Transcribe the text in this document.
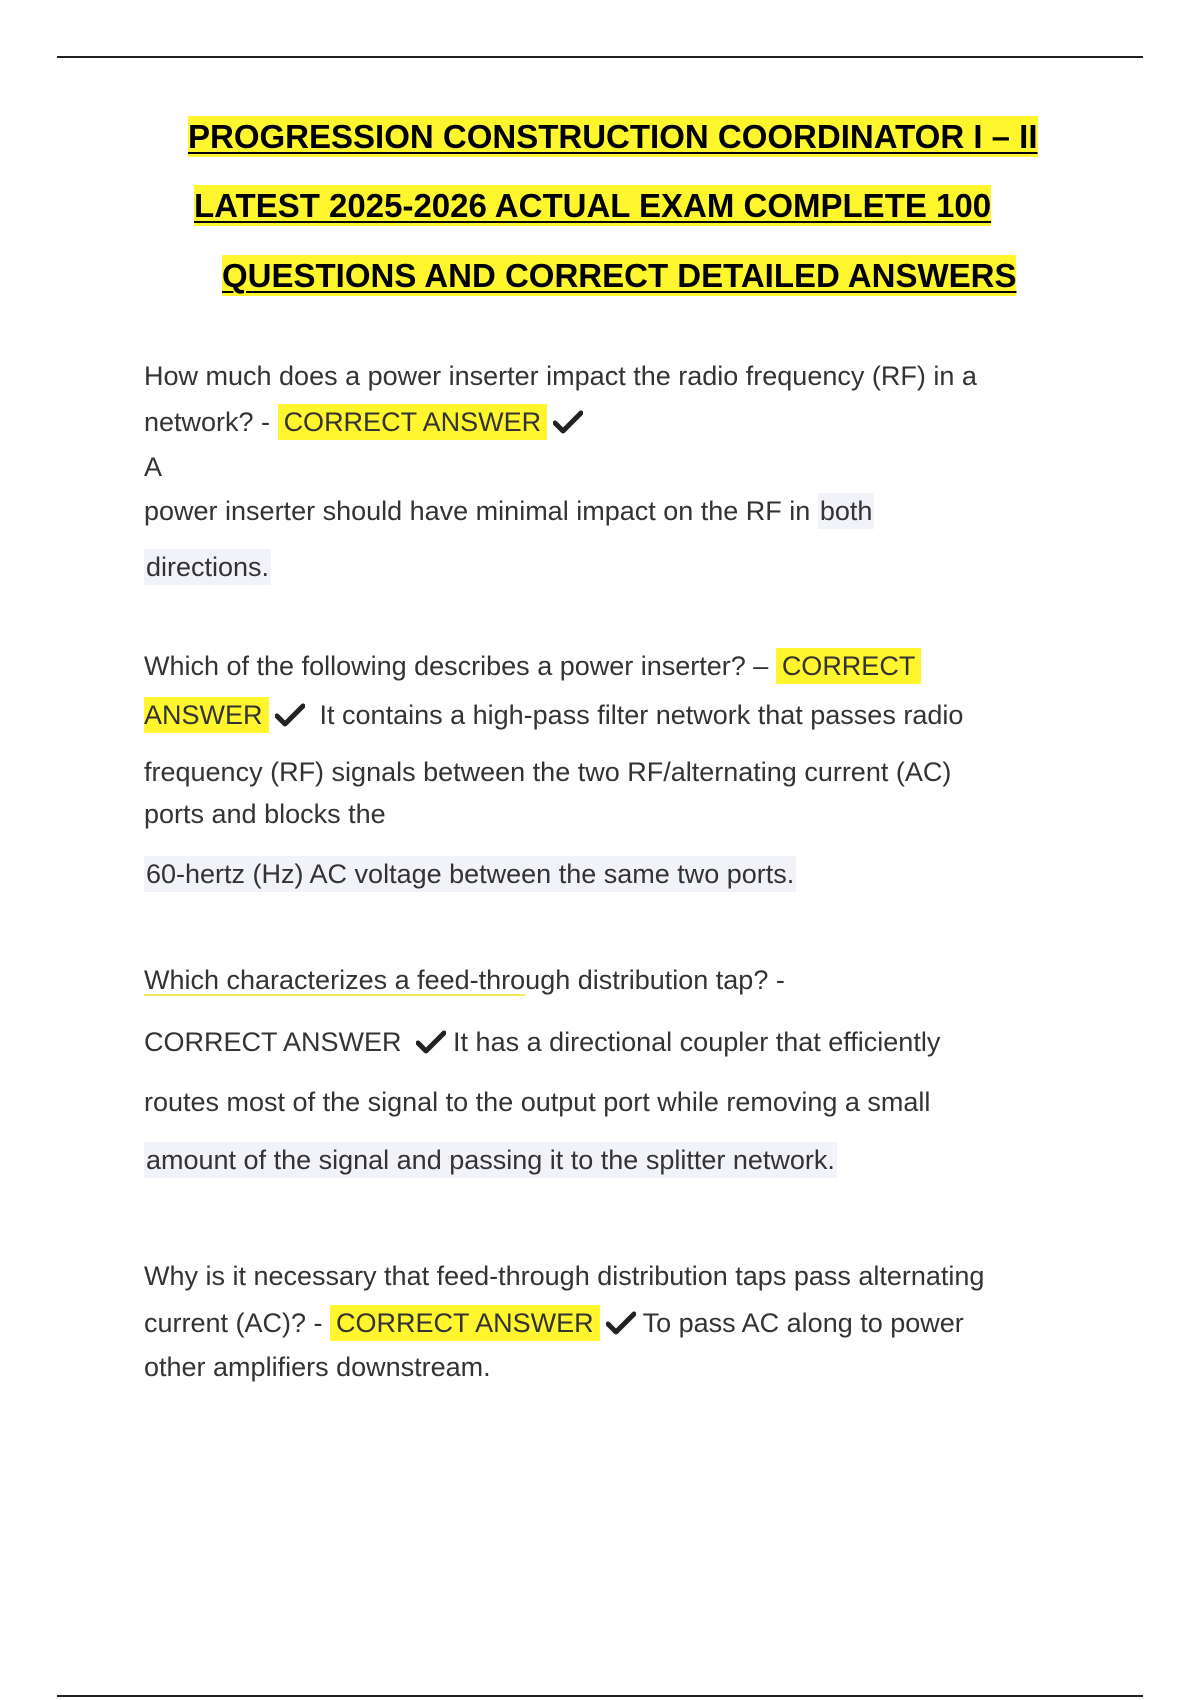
PROGRESSION CONSTRUCTION COORDINATOR I – II
LATEST 2025-2026 ACTUAL EXAM COMPLETE 100
QUESTIONS AND CORRECT DETAILED ANSWERS
How much does a power inserter impact the radio frequency (RF) in a
network? - CORRECT ANSWER
A
power inserter should have minimal impact on the RF in both
directions.
Which of the following describes a power inserter? – CORRECT
ANSWER It contains a high-pass filter network that passes radio
frequency (RF) signals between the two RF/alternating current (AC)
ports and blocks the
60-hertz (Hz) AC voltage between the same two ports.
Which characterizes a feed-through distribution tap? -
CORRECT ANSWER It has a directional coupler that efficiently
routes most of the signal to the output port while removing a small
amount of the signal and passing it to the splitter network.
Why is it necessary that feed-through distribution taps pass alternating
current (AC)? - CORRECT ANSWER To pass AC along to power
other amplifiers downstream.
